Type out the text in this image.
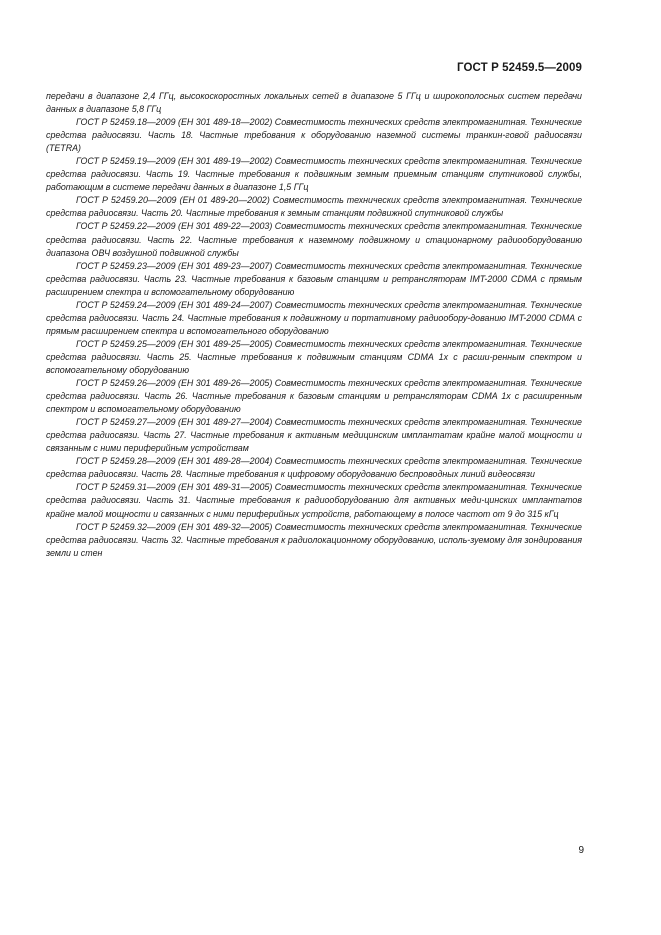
ГОСТ Р 52459.5—2009

передачи в диапазоне 2,4 ГГц, высокоскоростных локальных сетей в диапазоне 5 ГГц и широкополосных систем передачи данных в диапазоне 5,8 ГГц

ГОСТ Р 52459.18—2009 (ЕН 301 489-18—2002) Совместимость технических средств электромагнитная. Технические средства радиосвязи. Часть 18. Частные требования к оборудованию наземной системы транкин-говой радиосвязи (TETRA)

ГОСТ Р 52459.19—2009 (ЕН 301 489-19—2002) Совместимость технических средств электромагнитная. Технические средства радиосвязи. Часть 19. Частные требования к подвижным земным приемным станциям спутниковой службы, работающим в системе передачи данных в диапазоне 1,5 ГГц

ГОСТ Р 52459.20—2009 (ЕН 01 489-20—2002) Совместимость технических средств электромагнитная. Технические средства радиосвязи. Часть 20. Частные требования к земным станциям подвижной спутниковой службы

ГОСТ Р 52459.22—2009 (ЕН 301 489-22—2003) Совместимость технических средств электромагнитная. Технические средства радиосвязи. Часть 22. Частные требования к наземному подвижному и стационарному радиооборудованию диапазона ОВЧ воздушной подвижной службы

ГОСТ Р 52459.23—2009 (ЕН 301 489-23—2007) Совместимость технических средств электромагнитная. Технические средства радиосвязи. Часть 23. Частные требования к базовым станциям и ретрансляторам IMT-2000 CDMA с прямым расширением спектра и вспомогательному оборудованию

ГОСТ Р 52459.24—2009 (ЕН 301 489-24—2007) Совместимость технических средств электромагнитная. Технические средства радиосвязи. Часть 24. Частные требования к подвижному и портативному радиообору-дованию IMT-2000 CDMA с прямым расширением спектра и вспомогательного оборудованию

ГОСТ Р 52459.25—2009 (ЕН 301 489-25—2005) Совместимость технических средств электромагнитная. Технические средства радиосвязи. Часть 25. Частные требования к подвижным станциям CDMA 1x с расши-ренным спектром и вспомогательному оборудованию

ГОСТ Р 52459.26—2009 (ЕН 301 489-26—2005) Совместимость технических средств электромагнитная. Технические средства радиосвязи. Часть 26. Частные требования к базовым станциям и ретрансляторам CDMA 1x с расширенным спектром и вспомогательному оборудованию

ГОСТ Р 52459.27—2009 (ЕН 301 489-27—2004) Совместимость технических средств электромагнитная. Технические средства радиосвязи. Часть 27. Частные требования к активным медицинским имплантатам крайне малой мощности и связанным с ними периферийным устройствам

ГОСТ Р 52459.28—2009 (ЕН 301 489-28—2004) Совместимость технических средств электромагнитная. Технические средства радиосвязи. Часть 28. Частные требования к цифровому оборудованию беспроводных линий видеосвязи

ГОСТ Р 52459.31—2009 (ЕН 301 489-31—2005) Совместимость технических средств электромагнитная. Технические средства радиосвязи. Часть 31. Частные требования к радиооборудованию для активных меди-цинских имплантатов крайне малой мощности и связанных с ними периферийных устройств, работающему в полосе частот от 9 до 315 кГц

ГОСТ Р 52459.32—2009 (ЕН 301 489-32—2005) Совместимость технических средств электромагнитная. Технические средства радиосвязи. Часть 32. Частные требования к радиолокационному оборудованию, исполь-зуемому для зондирования земли и стен

9
